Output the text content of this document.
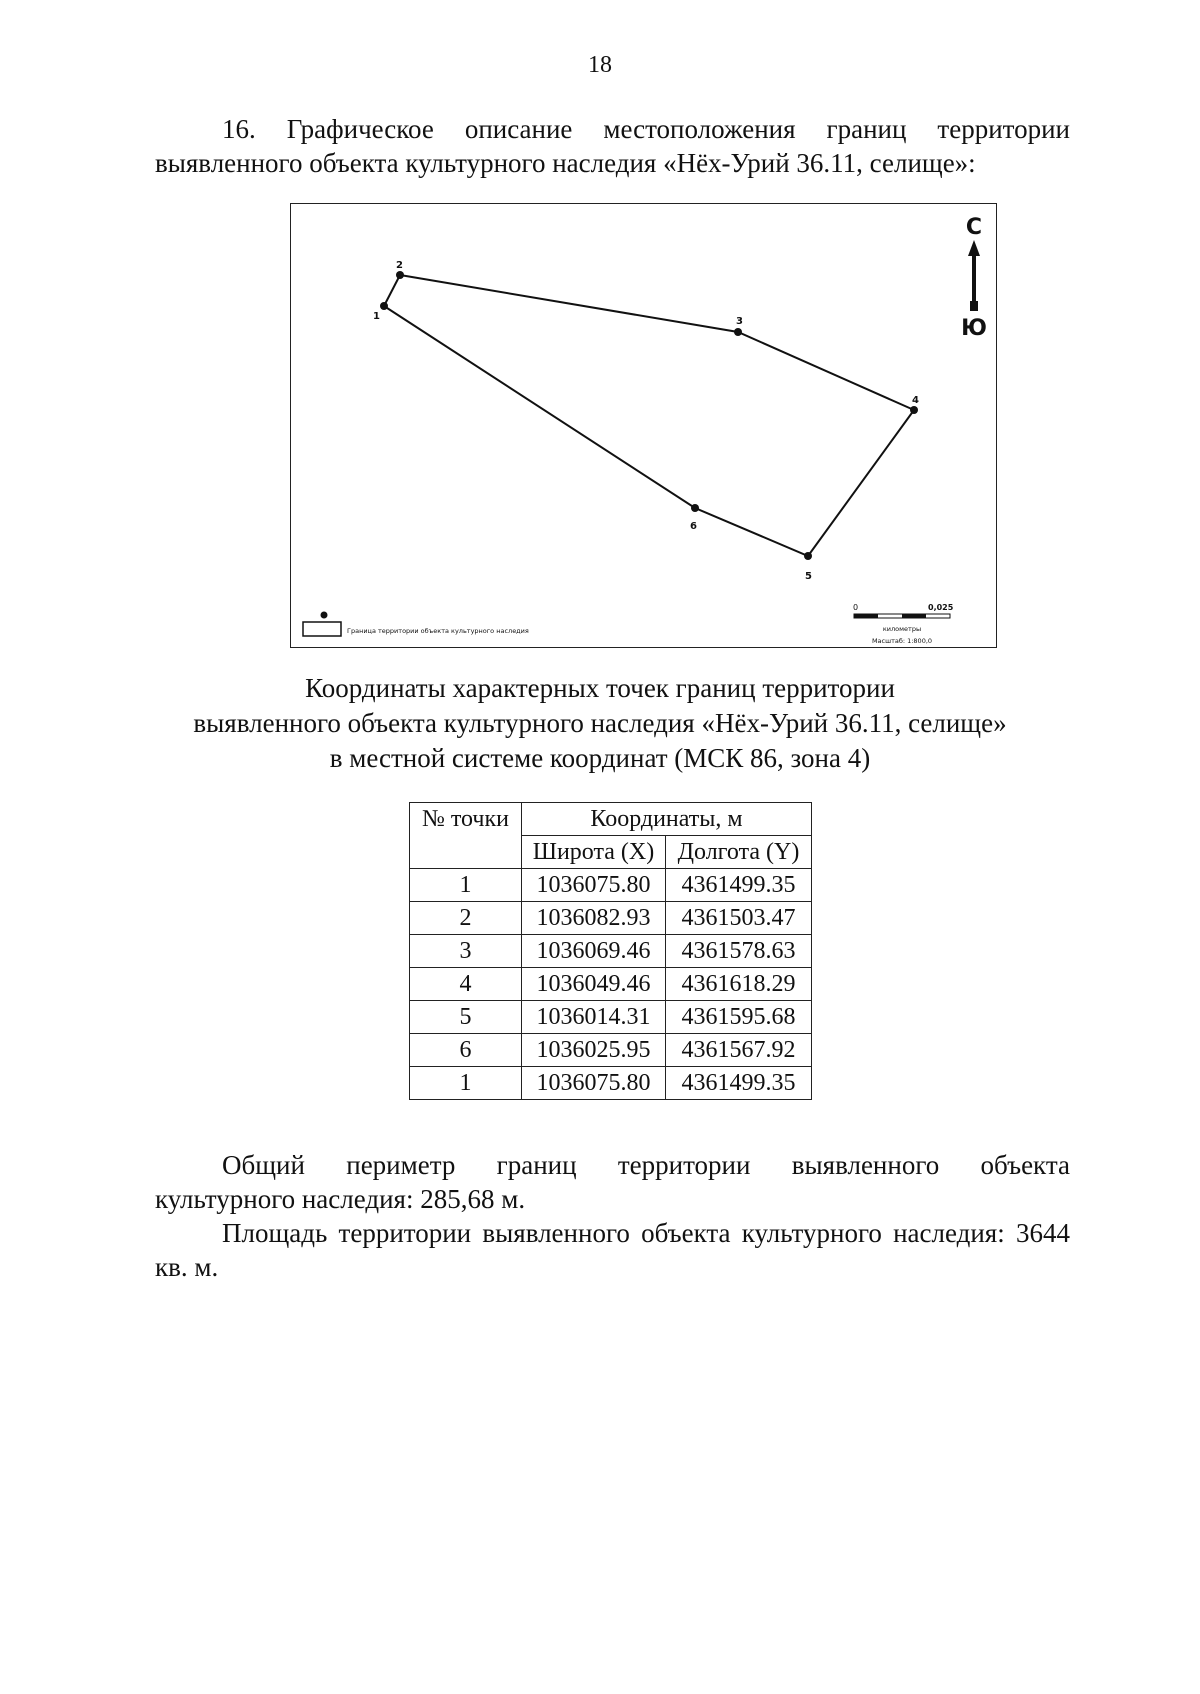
18
16. Графическое описание местоположения границ территории выявленного объекта культурного наследия «Нёх-Урий 36.11, селище»:
1
2
3
4
5
6
С
Ю
Граница территории объекта культурного наследия
0	0,025
километры
Масштаб: 1:800,0
Координаты характерных точек границ территории
выявленного объекта культурного наследия «Нёх-Урий 36.11, селище»
в местной системе координат (МСК 86, зона 4)
№ точки	Координаты, м	
	Широта (X)	Долгота (Y)
1	1036075.80	4361499.35
2	1036082.93	4361503.47
3	1036069.46	4361578.63
4	1036049.46	4361618.29
5	1036014.31	4361595.68
6	1036025.95	4361567.92
1	1036075.80	4361499.35
Общий периметр границ территории выявленного объекта
культурного наследия: 285,68 м.
Площадь территории выявленного объекта культурного наследия: 3644 кв. м.
